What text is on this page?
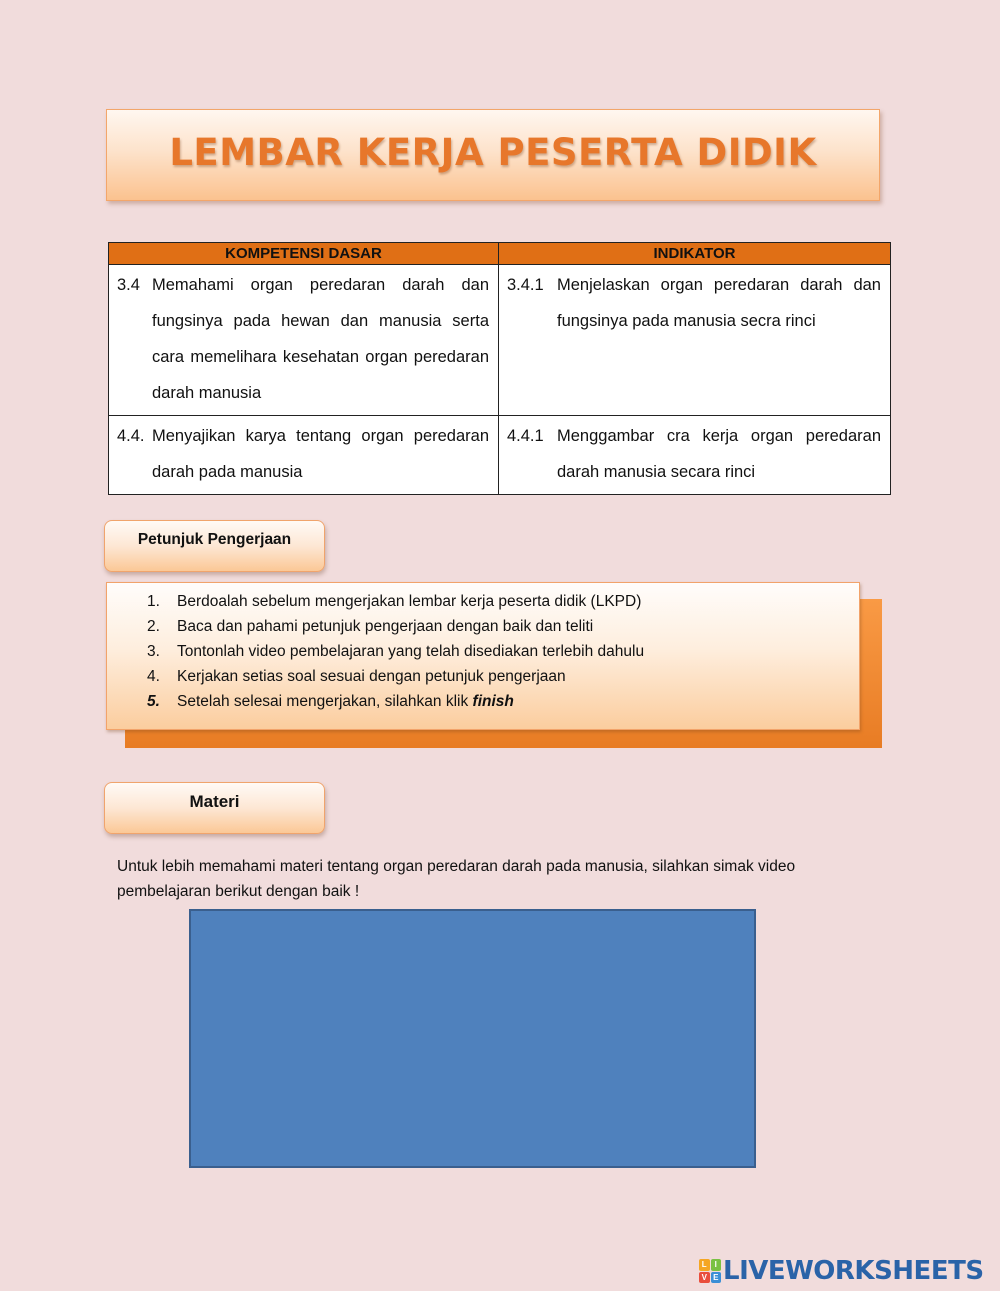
LEMBAR KERJA PESERTA DIDIK
KOMPETENSI DASAR	INDIKATOR

3.4 Memahami organ peredaran darah dan fungsinya pada hewan dan manusia serta cara memelihara kesehatan organ peredaran darah manusia	3.4.1 Menjelaskan organ peredaran darah dan fungsinya pada manusia secra rinci

4.4. Menyajikan karya tentang organ peredaran darah pada manusia	4.4.1 Menggambar cra kerja organ peredaran darah manusia secara rinci
Petunjuk Pengerjaan
1.	Berdoalah sebelum mengerjakan lembar kerja peserta didik (LKPD)
2.	Baca dan pahami petunjuk pengerjaan dengan baik dan teliti
3.	Tontonlah video pembelajaran yang telah disediakan terlebih dahulu
4.	Kerjakan setias soal sesuai dengan petunjuk pengerjaan
5.	Setelah selesai mengerjakan, silahkan klik finish
Materi
Untuk lebih memahami materi tentang organ peredaran darah pada manusia, silahkan simak video pembelajaran berikut dengan baik !
L I
V E LIVEWORKSHEETS
